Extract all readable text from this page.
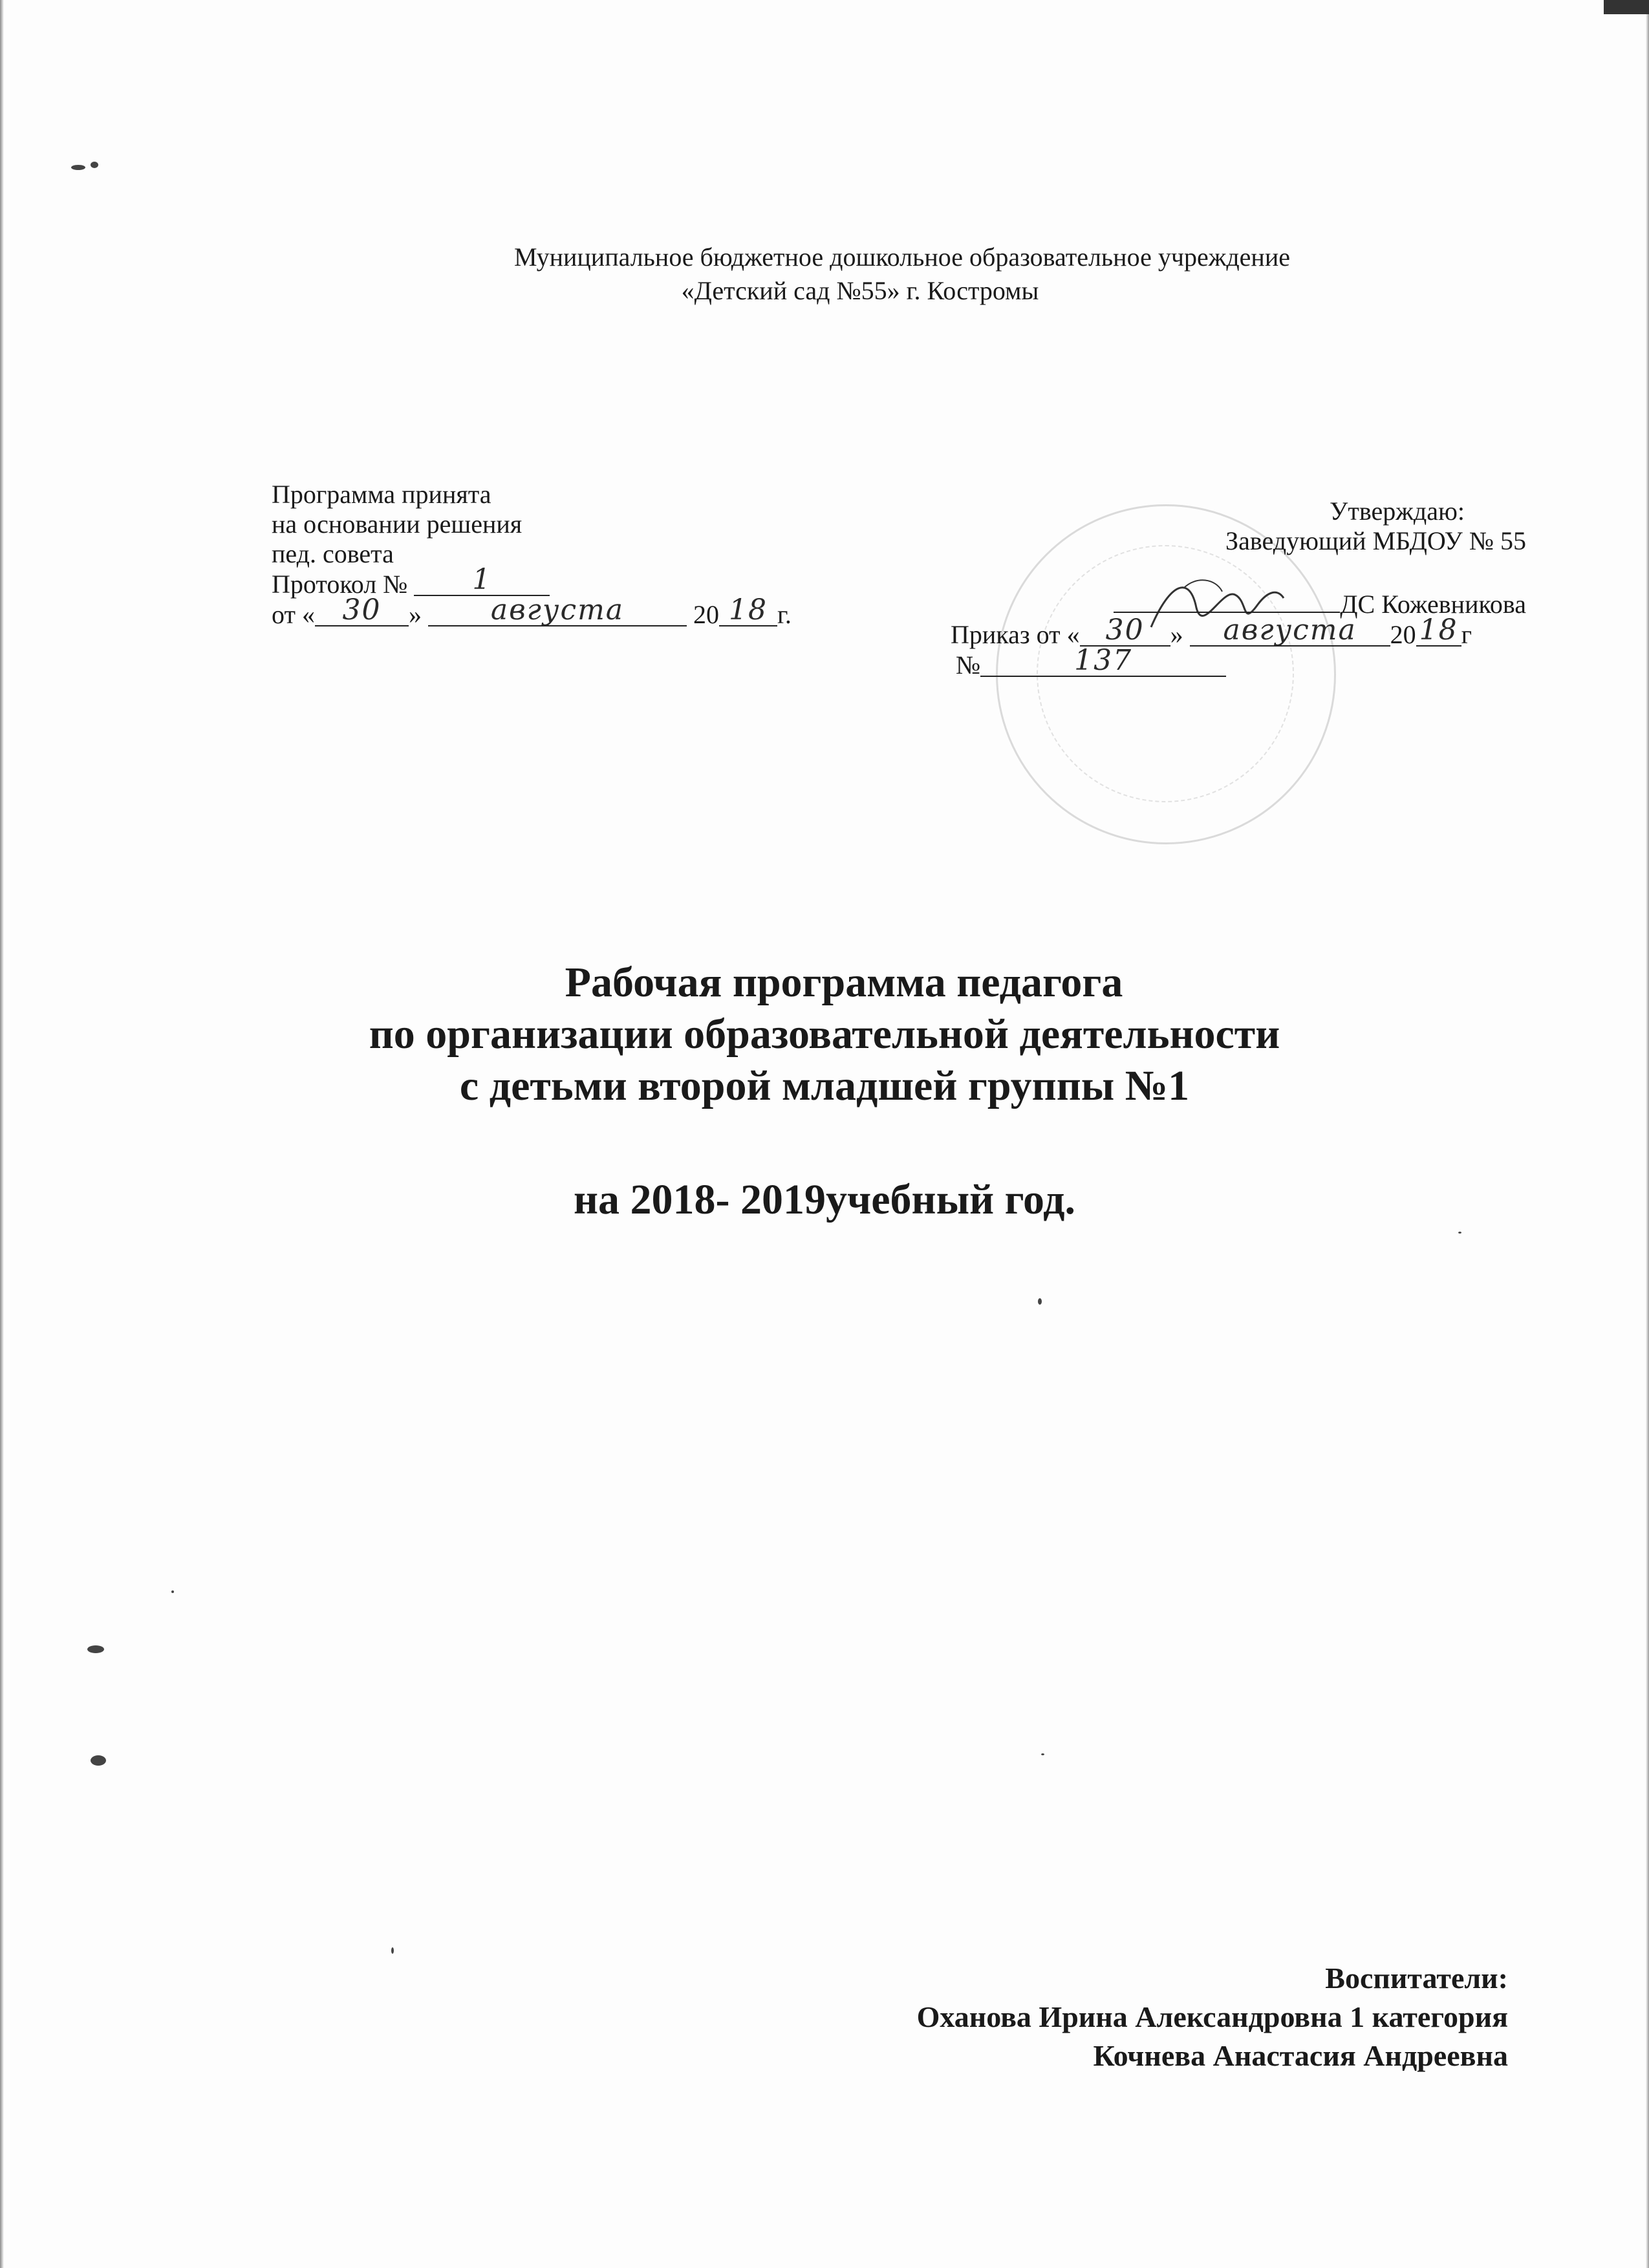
Муниципальное бюджетное дошкольное образовательное учреждение
«Детский сад №55» г. Костромы
Программа принята
на основании решения
пед. совета
Протокол № 1
от « 30 » августа	20 18 г.
Утверждаю:
Заведующий МБДОУ № 55
ДС Кожевникова
Приказ от « 30 » августа 20 18 г
№	137
Рабочая программа педагога
по организации образовательной деятельности
с детьми второй младшей группы №1
на 2018- 2019учебный год.
Воспитатели:
Оханова Ирина Александровна 1 категория
Кочнева Анастасия Андреевна
